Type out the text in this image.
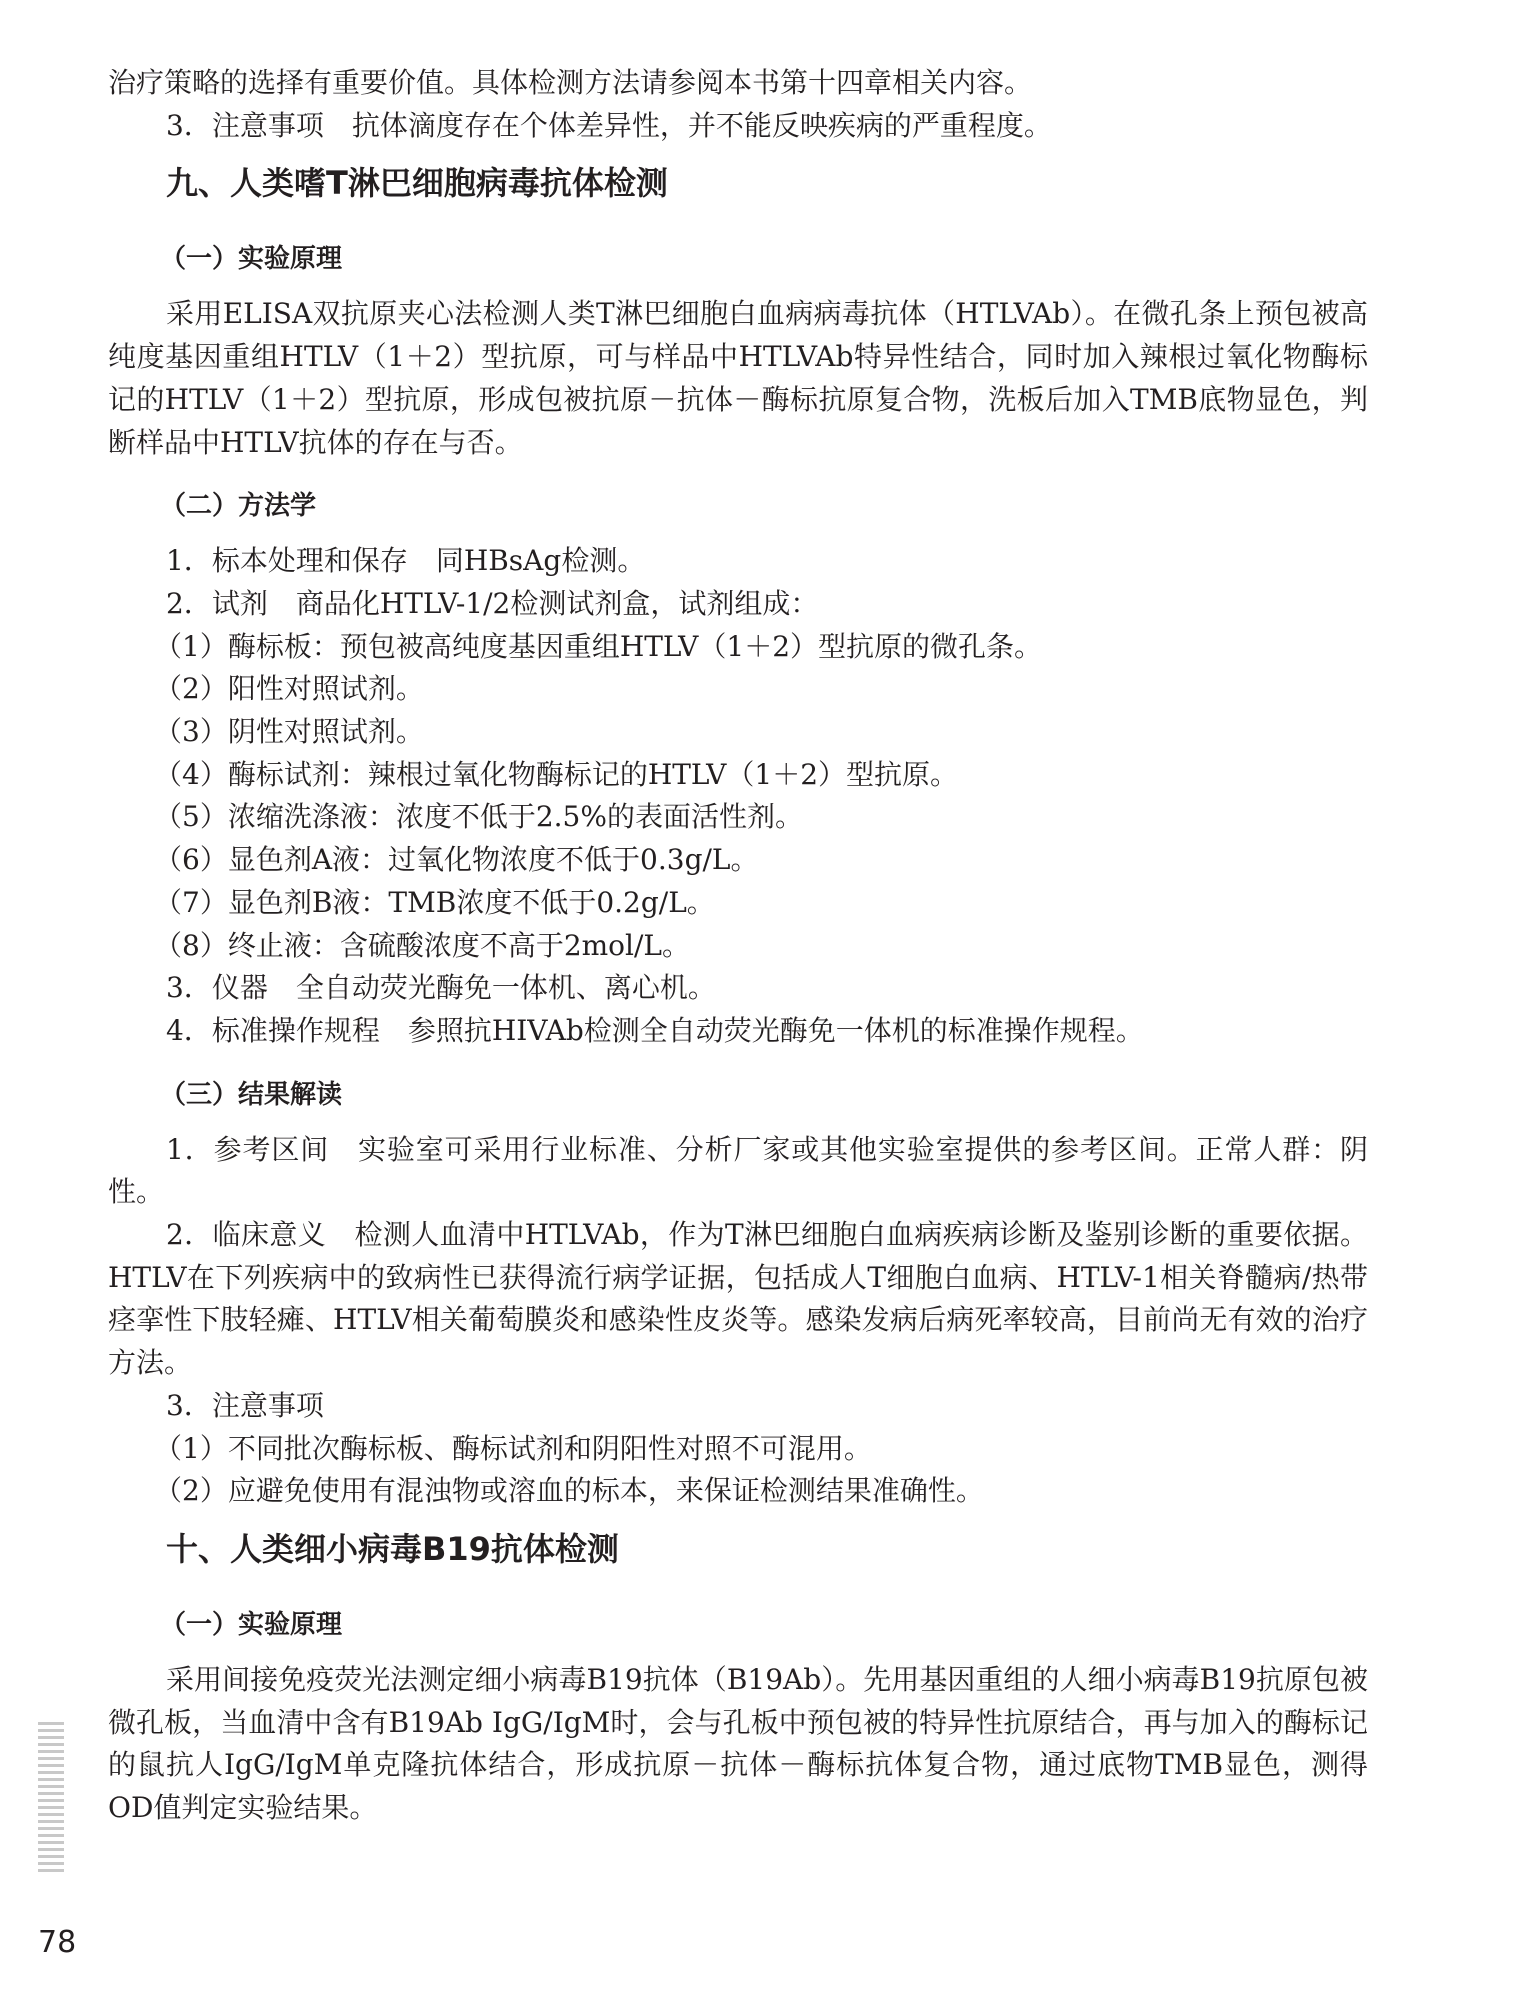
治疗策略的选择有重要价值。具体检测方法请参阅本书第十四章相关内容。

3．注意事项　抗体滴度存在个体差异性，并不能反映疾病的严重程度。

九、人类嗜T淋巴细胞病毒抗体检测
（一）实验原理

采用ELISA双抗原夹心法检测人类T淋巴细胞白血病病毒抗体（HTLVAb）。在微孔条上预包被高纯度基因重组HTLV（1＋2）型抗原，可与样品中HTLVAb特异性结合，同时加入辣根过氧化物酶标记的HTLV（1＋2）型抗原，形成包被抗原－抗体－酶标抗原复合物，洗板后加入TMB底物显色，判断样品中HTLV抗体的存在与否。

（二）方法学

1．标本处理和保存　同HBsAg检测。

2．试剂　商品化HTLV-1/2检测试剂盒，试剂组成：

（1）酶标板：预包被高纯度基因重组HTLV（1＋2）型抗原的微孔条。

（2）阳性对照试剂。

（3）阴性对照试剂。

（4）酶标试剂：辣根过氧化物酶标记的HTLV（1＋2）型抗原。

（5）浓缩洗涤液：浓度不低于2.5%的表面活性剂。

（6）显色剂A液：过氧化物浓度不低于0.3g/L。

（7）显色剂B液：TMB浓度不低于0.2g/L。

（8）终止液：含硫酸浓度不高于2mol/L。

3．仪器　全自动荧光酶免一体机、离心机。

4．标准操作规程　参照抗HIVAb检测全自动荧光酶免一体机的标准操作规程。

（三）结果解读

1．参考区间　实验室可采用行业标准、分析厂家或其他实验室提供的参考区间。正常人群：阴性。

2．临床意义　检测人血清中HTLVAb，作为T淋巴细胞白血病疾病诊断及鉴别诊断的重要依据。HTLV在下列疾病中的致病性已获得流行病学证据，包括成人T细胞白血病、HTLV-1相关脊髓病/热带痉挛性下肢轻瘫、HTLV相关葡萄膜炎和感染性皮炎等。感染发病后病死率较高，目前尚无有效的治疗方法。

3．注意事项

（1）不同批次酶标板、酶标试剂和阴阳性对照不可混用。

（2）应避免使用有混浊物或溶血的标本，来保证检测结果准确性。

十、人类细小病毒B19抗体检测
（一）实验原理

采用间接免疫荧光法测定细小病毒B19抗体（B19Ab）。先用基因重组的人细小病毒B19抗原包被微孔板，当血清中含有B19Ab IgG/IgM时，会与孔板中预包被的特异性抗原结合，再与加入的酶标记的鼠抗人IgG/IgM单克隆抗体结合，形成抗原－抗体－酶标抗体复合物，通过底物TMB显色，测得OD值判定实验结果。

78
